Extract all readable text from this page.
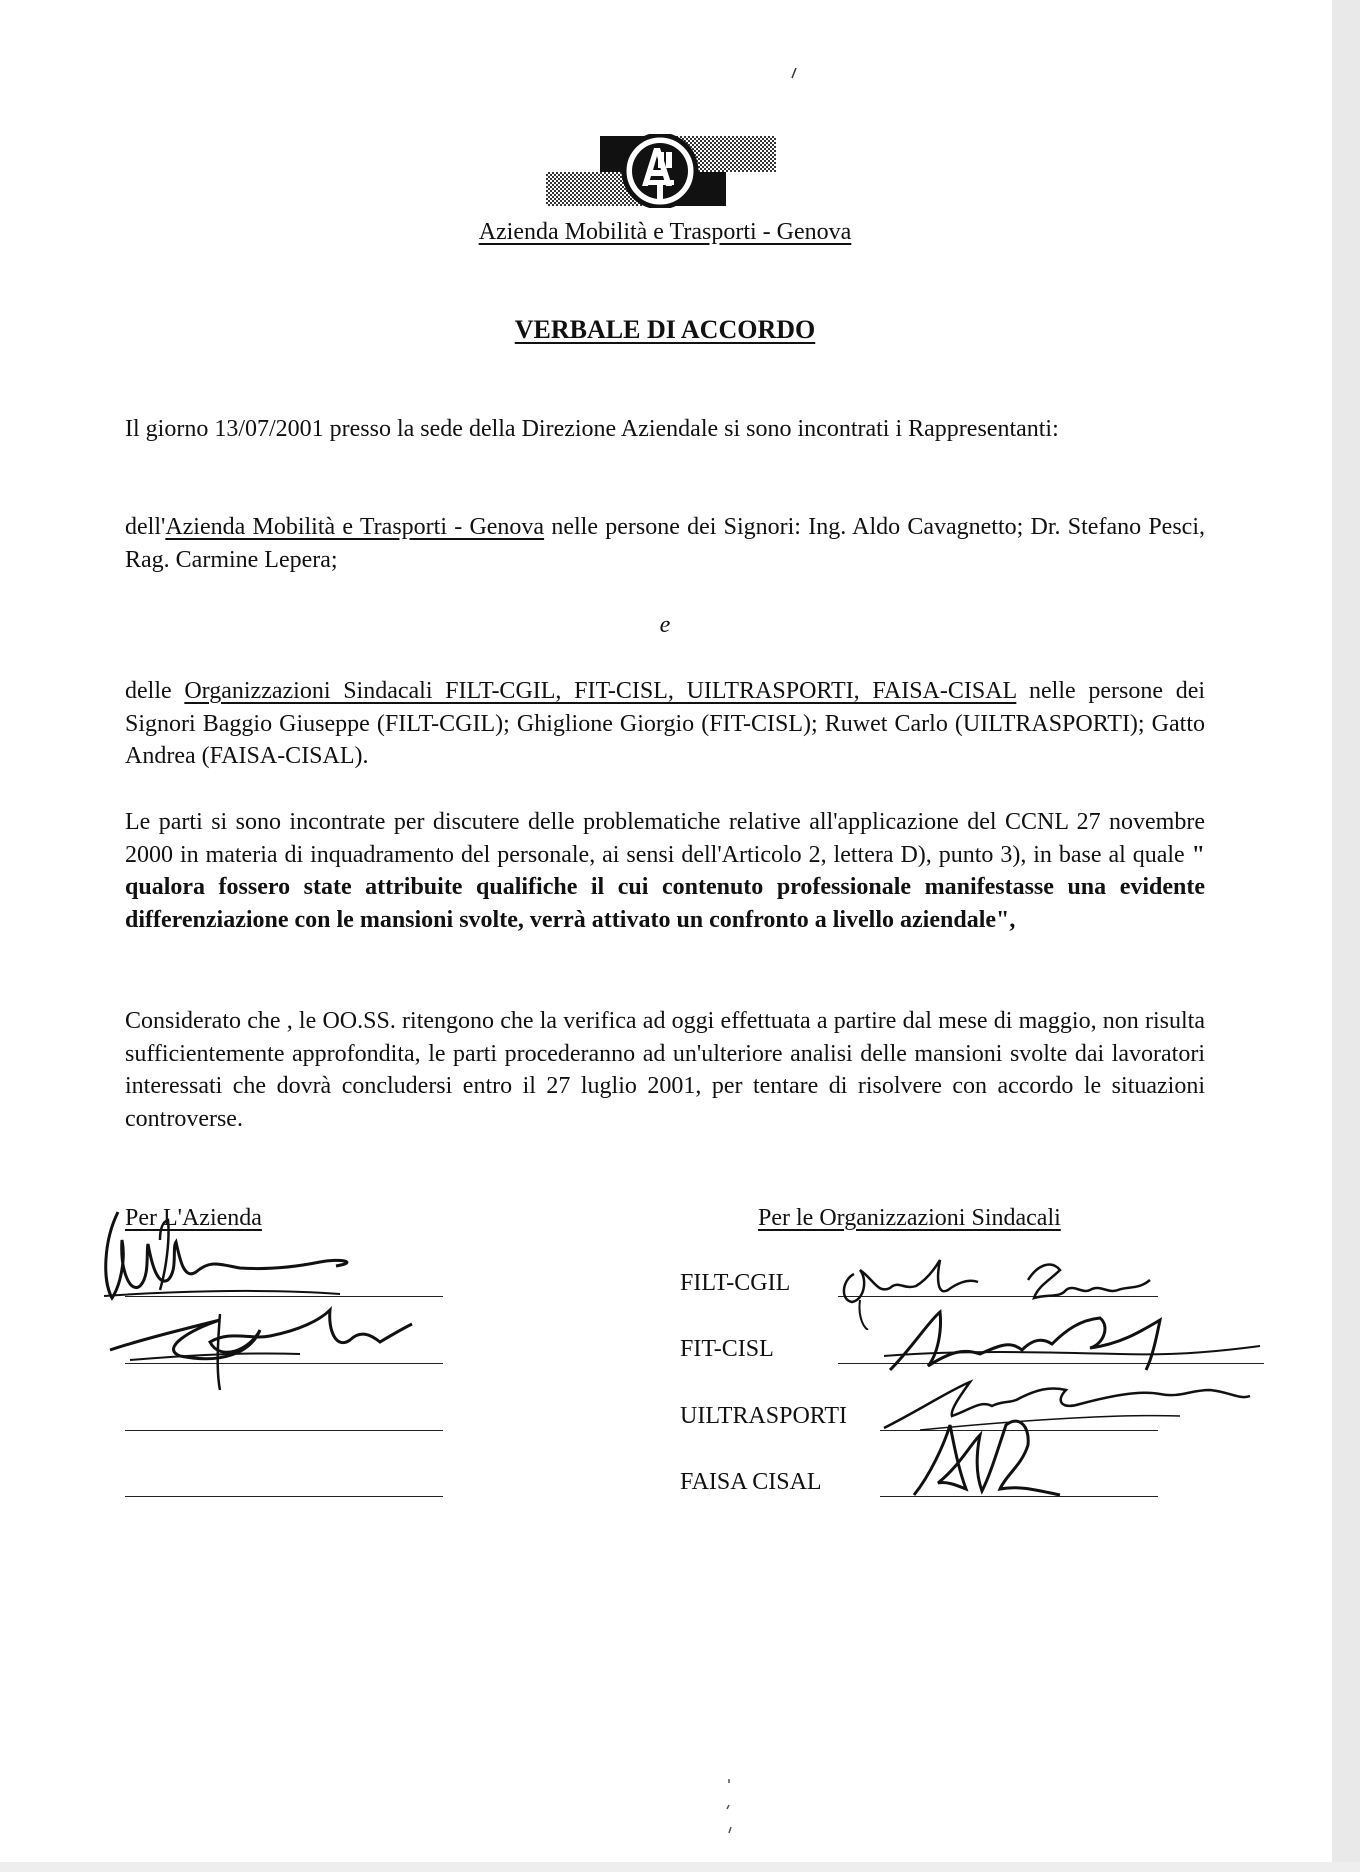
Azienda Mobilità e Trasporti - Genova
VERBALE DI ACCORDO

Il giorno 13/07/2001 presso la sede della Direzione Aziendale si sono incontrati i Rappresentanti:

dell'Azienda Mobilità e Trasporti - Genova nelle persone dei Signori: Ing. Aldo Cavagnetto; Dr. Stefano Pesci, Rag. Carmine Lepera;

e

delle Organizzazioni Sindacali FILT-CGIL, FIT-CISL, UILTRASPORTI, FAISA-CISAL nelle persone dei Signori Baggio Giuseppe (FILT-CGIL); Ghiglione Giorgio (FIT-CISL); Ruwet Carlo (UILTRASPORTI); Gatto Andrea (FAISA-CISAL).

Le parti si sono incontrate per discutere delle problematiche relative all'applicazione del CCNL 27 novembre 2000 in materia di inquadramento del personale, ai sensi dell'Articolo 2, lettera D), punto 3), in base al quale " qualora fossero state attribuite qualifiche il cui contenuto professionale manifestasse una evidente differenziazione con le mansioni svolte, verrà attivato un confronto a livello aziendale",

Considerato che , le OO.SS. ritengono che la verifica ad oggi effettuata a partire dal mese di maggio, non risulta sufficientemente approfondita, le parti procederanno ad un'ulteriore analisi delle mansioni svolte dai lavoratori interessati che dovrà concludersi entro il 27 luglio 2001, per tentare di risolvere con accordo le situazioni controverse.

Per L'Azienda	Per le Organizzazioni Sindacali
FILT-CGIL
FIT-CISL
UILTRASPORTI
FAISA CISAL
